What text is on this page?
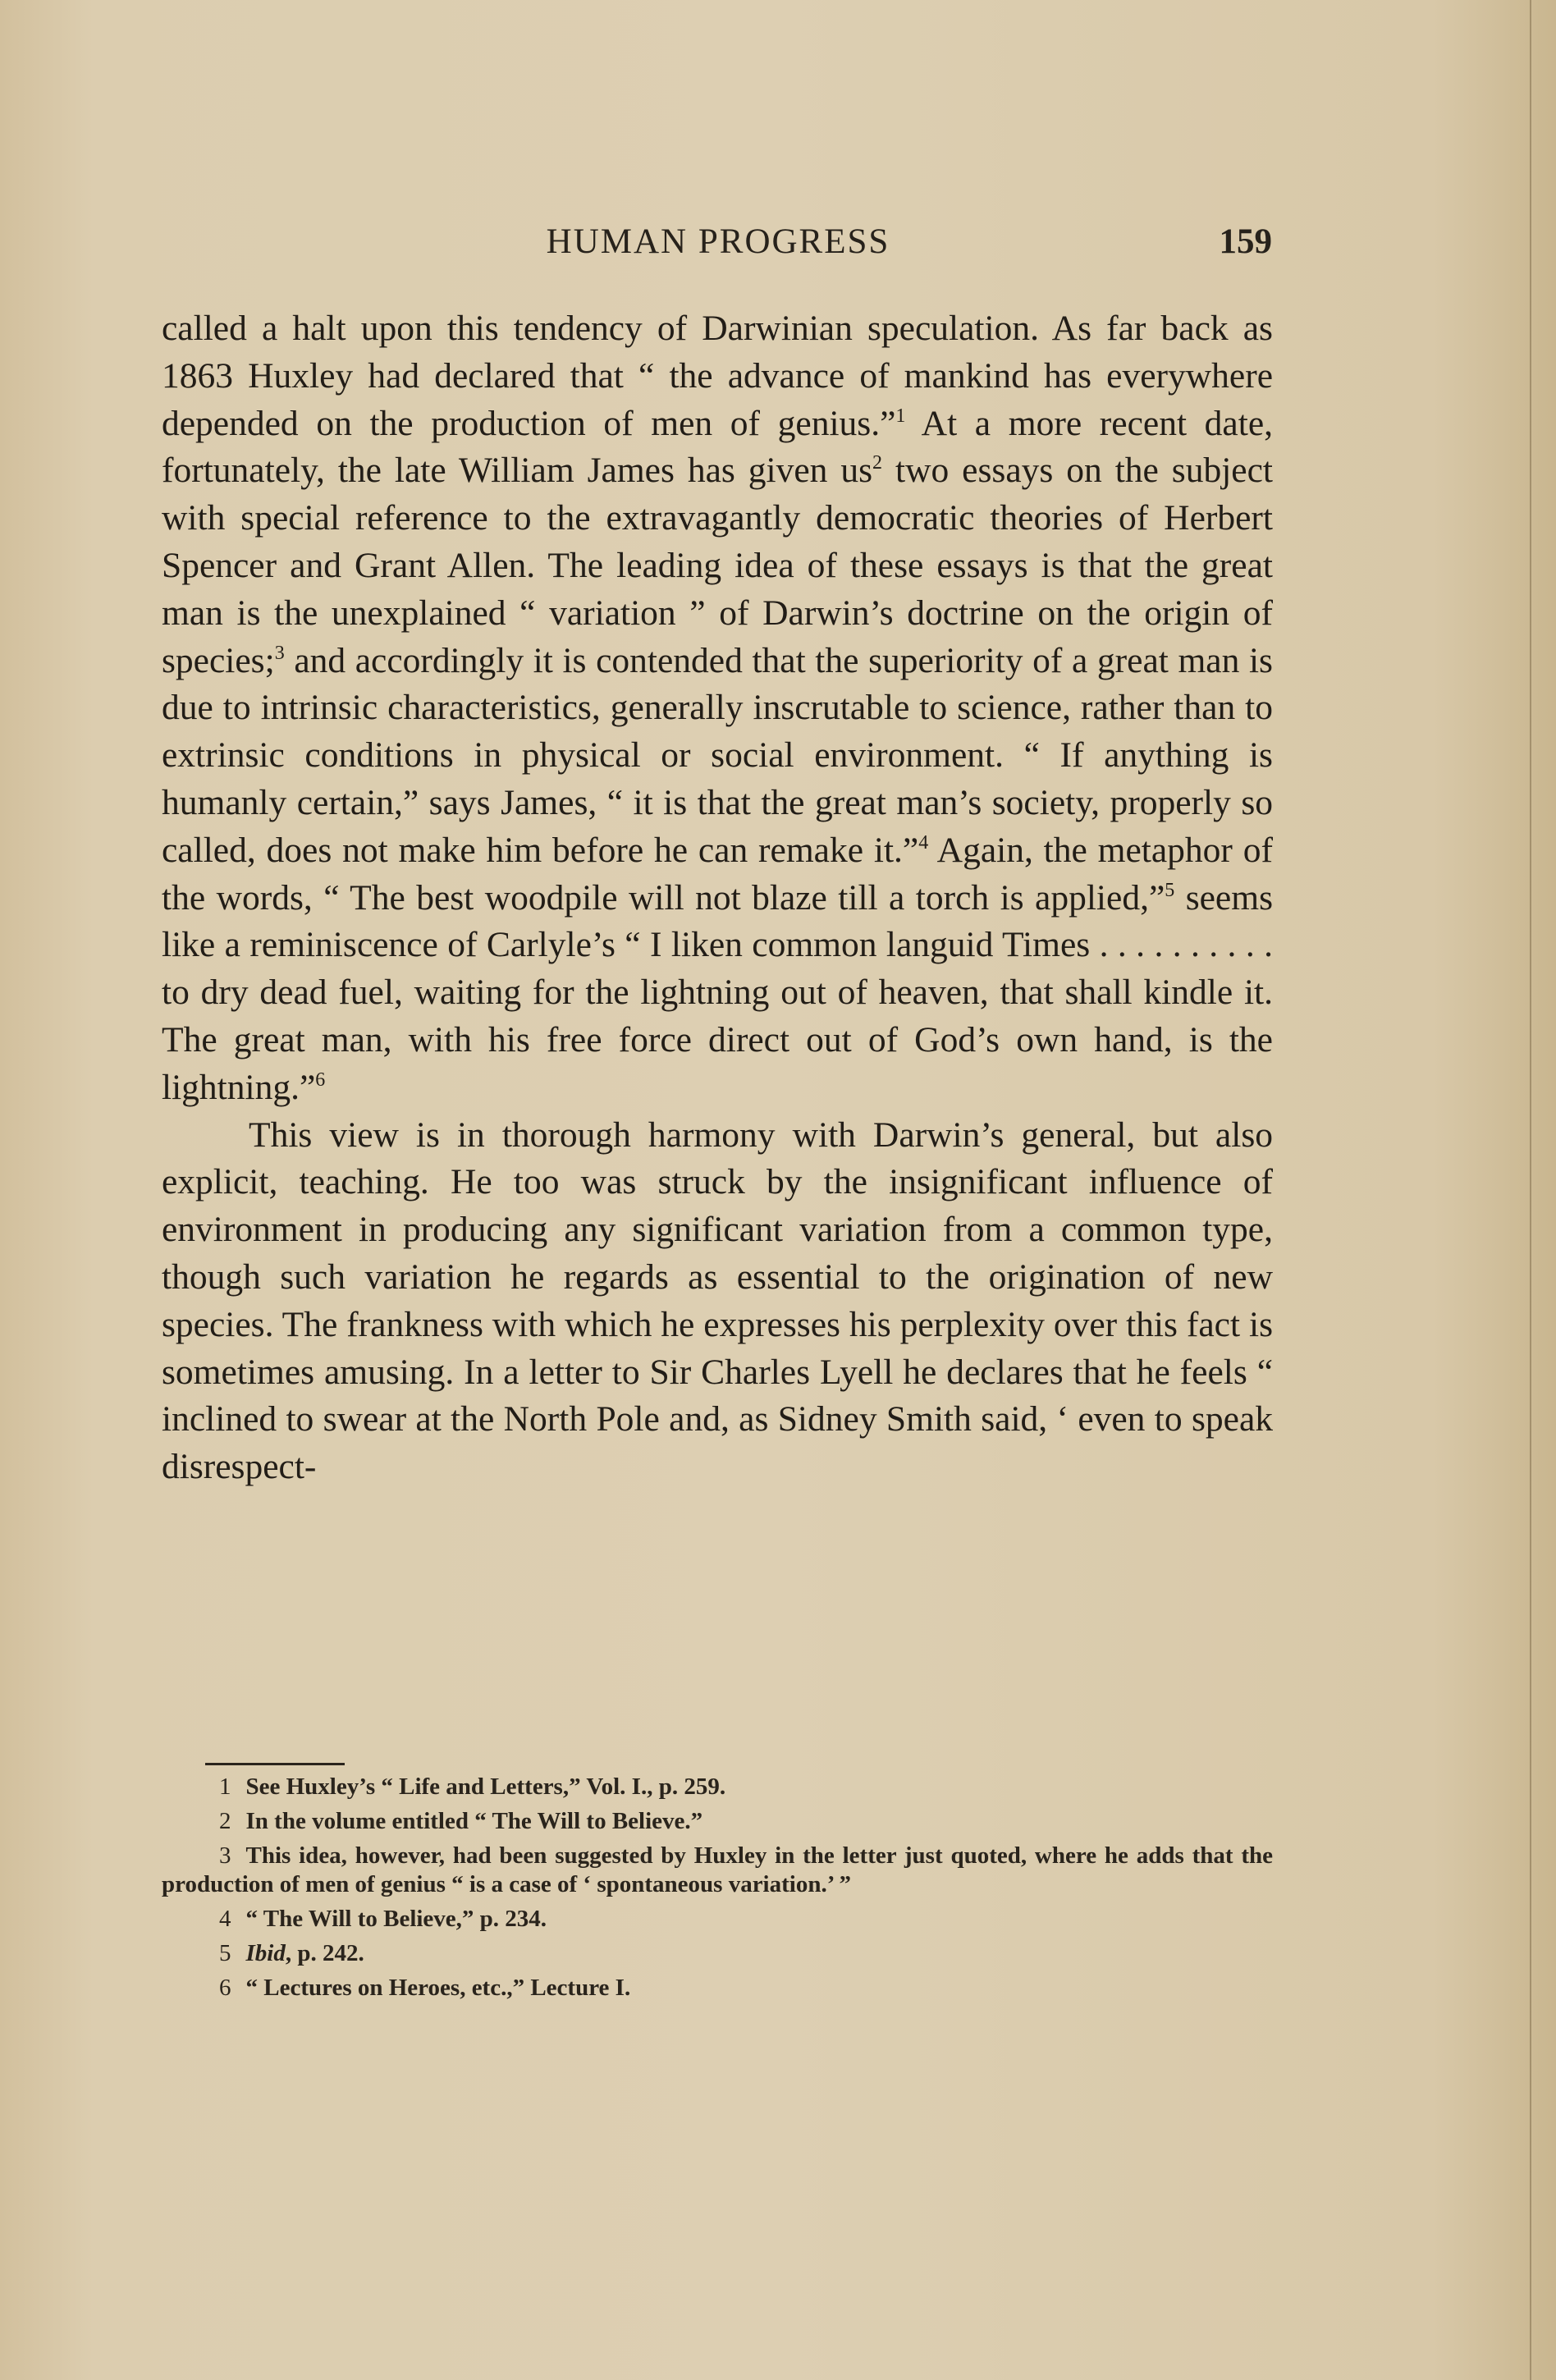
HUMAN PROGRESS	159

called a halt upon this tendency of Darwinian speculation. As far back as 1863 Huxley had declared that “ the advance of mankind has everywhere depended on the production of men of genius.”$^1$ At a more recent date, fortunately, the late William James has given $us^2$ two essays on the subject with special reference to the extravagantly democratic theories of Herbert Spencer and Grant Allen. The leading idea of these essays is that the great man is the unexplained “ variation ” of Darwin’s doctrine on the origin of species;$^3$ and accordingly it is contended that the superiority of a great man is due to intrinsic characteristics, generally inscrutable to science, rather than to extrinsic conditions in physical or social environment. “ If anything is humanly certain,” says James, “ it is that the great man’s society, properly so called, does not make him before he can remake it.”$^4$ Again, the metaphor of the words, “ The best woodpile will not blaze till a torch is applied,”$^5$ seems like a reminiscence of Carlyle’s “ I liken common languid Times . . . . . . . . . . to dry dead fuel, waiting for the lightning out of heaven, that shall kindle it. The great man, with his free force direct out of God’s own hand, is the lightning.”$^6$

This view is in thorough harmony with Darwin’s general, but also explicit, teaching. He too was struck by the insignificant influence of environment in producing any significant variation from a common type, though such variation he regards as essential to the origination of new species. The frankness with which he expresses his perplexity over this fact is sometimes amusing. In a letter to Sir Charles Lyell he declares that he feels “ inclined to swear at the North Pole and, as Sidney Smith said, ‘ even to speak disrespect-

1 See Huxley’s “ Life and Letters,” Vol. I., p. 259.

2 In the volume entitled “ The Will to Believe.”

3 This idea, however, had been suggested by Huxley in the letter just quoted, where he adds that the production of men of genius “ is a case of ‘ spontaneous variation.’ ”

4 “ The Will to Believe,” p. 234.

5 Ibid, p. 242.

6 “ Lectures on Heroes, etc.,” Lecture I.
